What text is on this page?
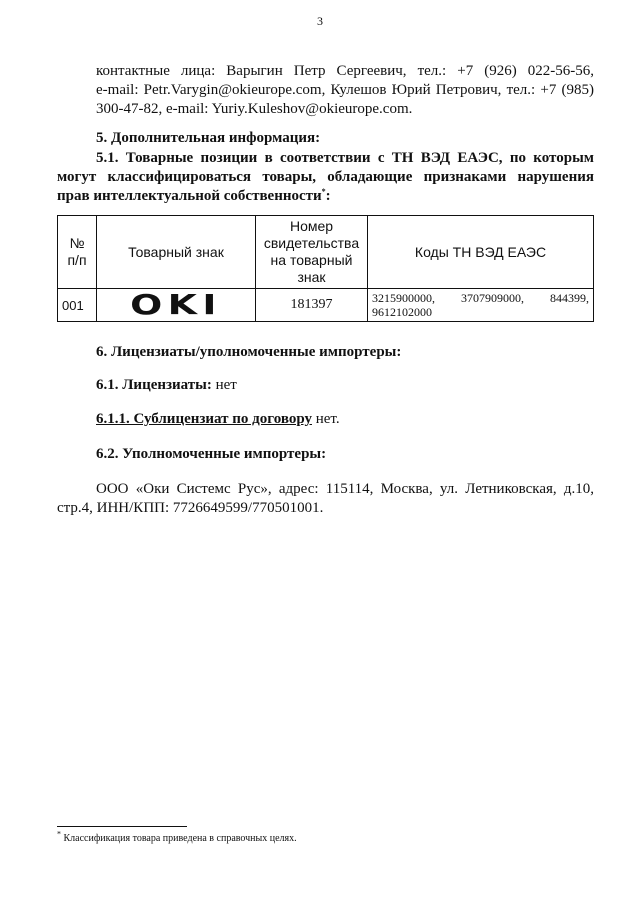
3
контактные лица: Варыгин Петр Сергеевич, тел.: +7 (926) 022-56-56,
e-mail: Petr.Varygin@okieurope.com, Кулешов Юрий Петрович, тел.: +7 (985)
300-47-82, e-mail: Yuriy.Kuleshov@okieurope.com.
5. Дополнительная информация:
5.1. Товарные позиции в соответствии с ТН ВЭД ЕАЭС, по которым
могут классифицироваться товары, обладающие признаками нарушения
прав интеллектуальной собственности*:
№ п/п	Товарный знак	Номер свидетельства на товарный знак	Коды ТН ВЭД ЕАЭС
001	OKI	181397	3215900000,      3707909000,      844399,
9612102000
6. Лицензиаты/уполномоченные импортеры:
6.1. Лицензиаты: нет
6.1.1. Сублицензиат по договору нет.
6.2. Уполномоченные импортеры:
ООО «Оки Системс Рус», адрес: 115114, Москва, ул. Летниковская, д.10,
стр.4, ИНН/КПП: 7726649599/770501001.
* Классификация товара приведена в справочных целях.
